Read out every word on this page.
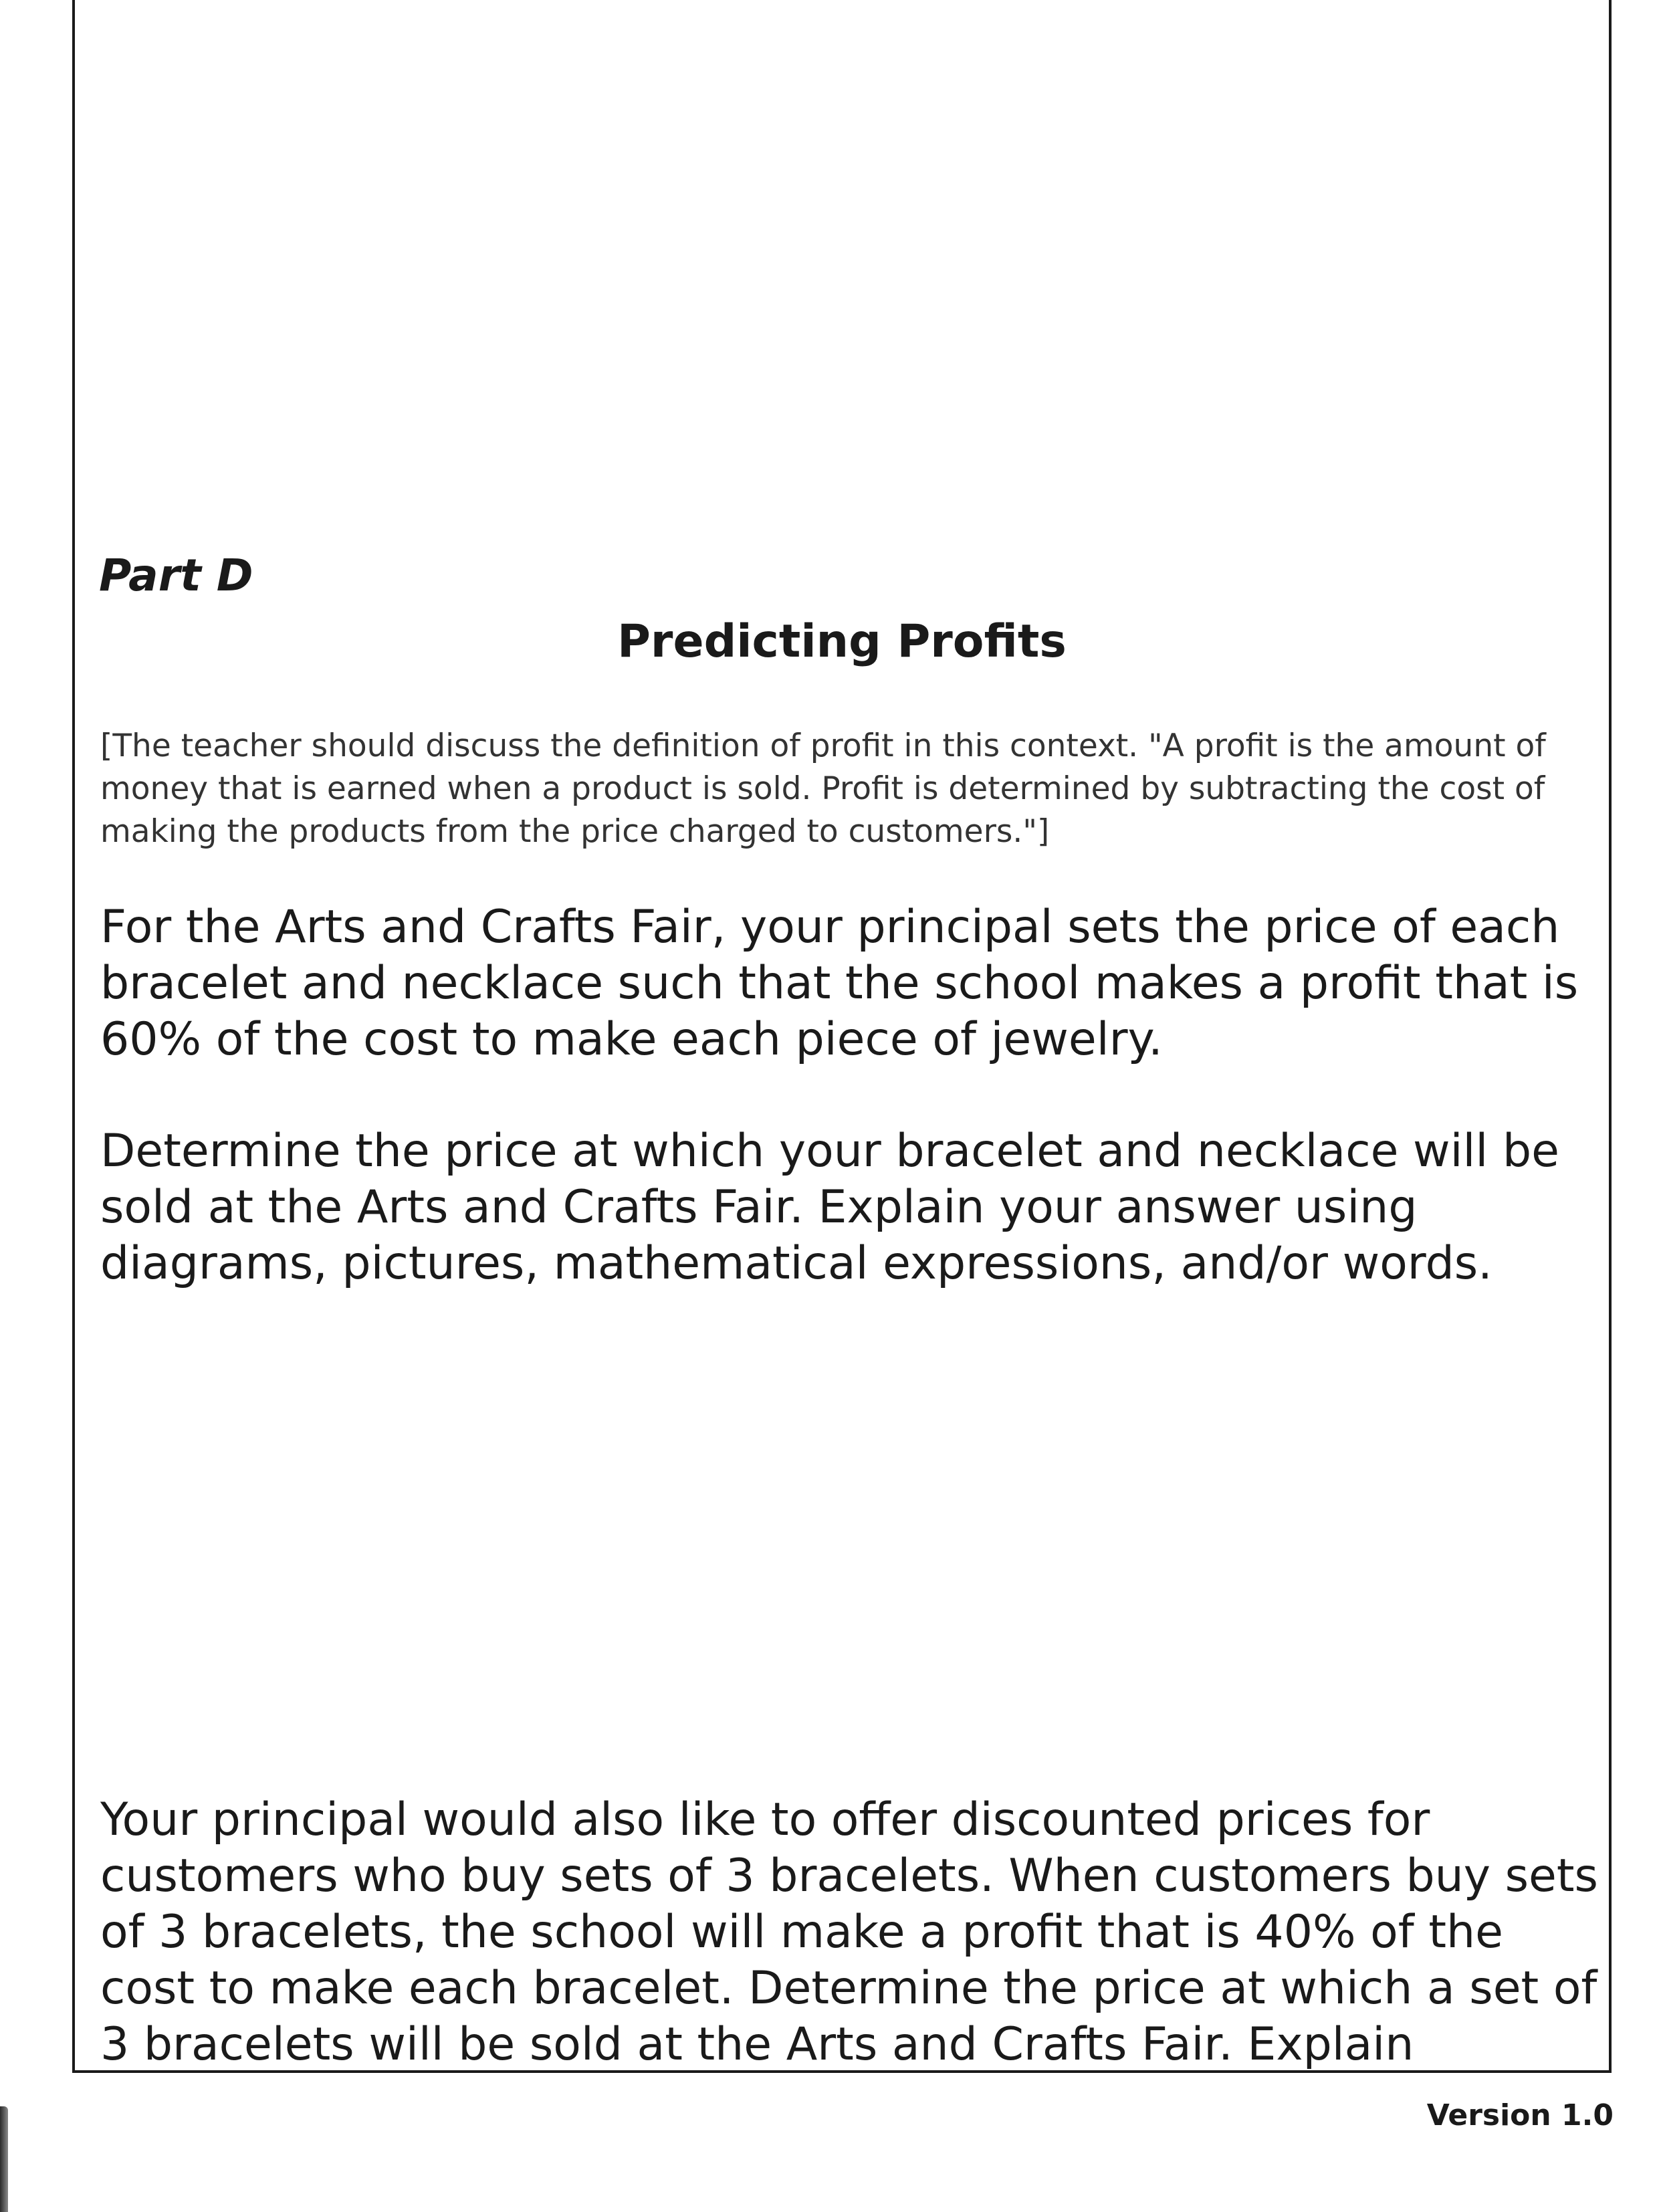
Part D

Predicting Profits

[The teacher should discuss the definition of profit in this context. "A profit is the amount of money that is earned when a product is sold. Profit is determined by subtracting the cost of making the products from the price charged to customers."]

For the Arts and Crafts Fair, your principal sets the price of each bracelet and necklace such that the school makes a profit that is 60% of the cost to make each piece of jewelry.

Determine the price at which your bracelet and necklace will be sold at the Arts and Crafts Fair. Explain your answer using diagrams, pictures, mathematical expressions, and/or words.

Your principal would also like to offer discounted prices for customers who buy sets of 3 bracelets. When customers buy sets of 3 bracelets, the school will make a profit that is 40% of the cost to make each bracelet. Determine the price at which a set of 3 bracelets will be sold at the Arts and Crafts Fair. Explain

Version 1.0
